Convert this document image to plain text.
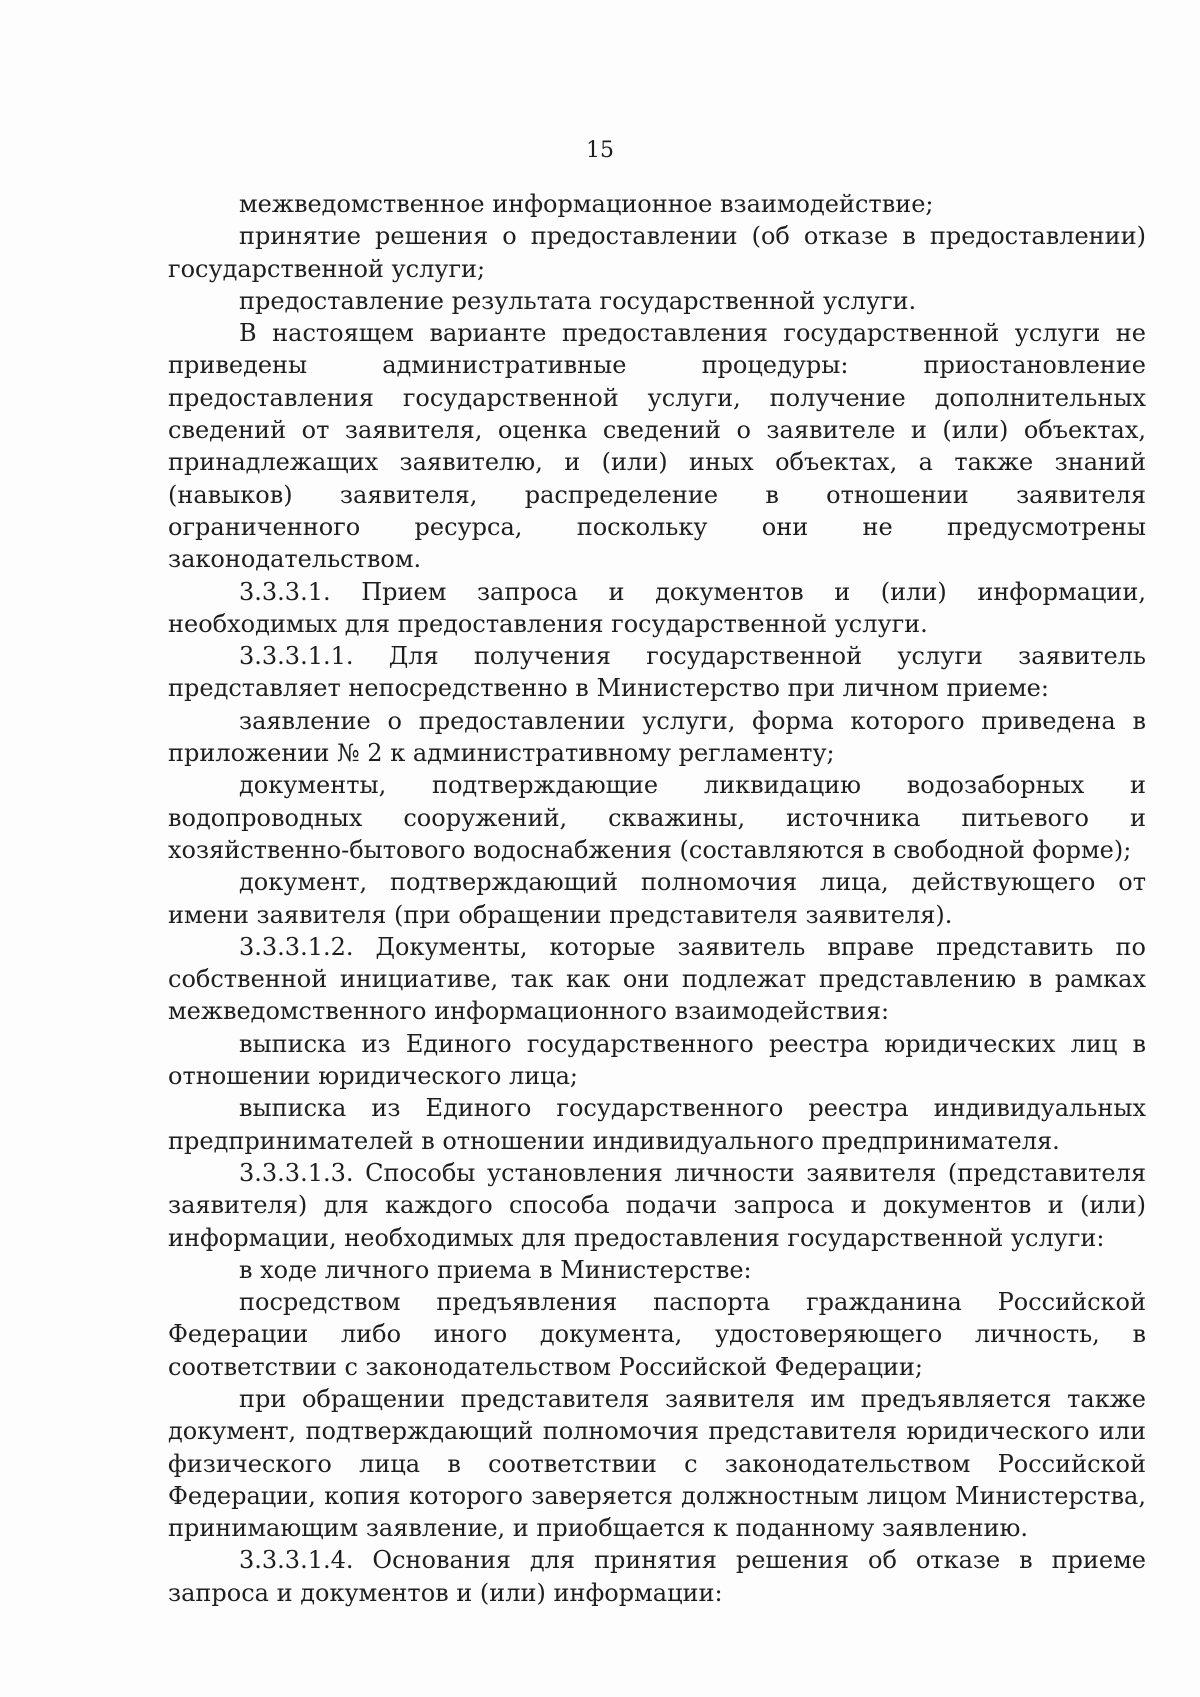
15

межведомственное информационное взаимодействие;

принятие решения о предоставлении (об отказе в предоставлении) государственной услуги;

предоставление результата государственной услуги.

В настоящем варианте предоставления государственной услуги не приведены административные процедуры: приостановление предоставления государственной услуги, получение дополнительных сведений от заявителя, оценка сведений о заявителе и (или) объектах, принадлежащих заявителю, и (или) иных объектах, а также знаний (навыков) заявителя, распределение в отношении заявителя ограниченного ресурса, поскольку они не предусмотрены законодательством.

3.3.3.1. Прием запроса и документов и (или) информации, необходимых для предоставления государственной услуги.

3.3.3.1.1. Для получения государственной услуги заявитель представляет непосредственно в Министерство при личном приеме:

заявление о предоставлении услуги, форма которого приведена в приложении № 2 к административному регламенту;

документы, подтверждающие ликвидацию водозаборных и водопроводных сооружений, скважины, источника питьевого и хозяйственно-бытового водоснабжения (составляются в свободной форме);

документ, подтверждающий полномочия лица, действующего от имени заявителя (при обращении представителя заявителя).

3.3.3.1.2. Документы, которые заявитель вправе представить по собственной инициативе, так как они подлежат представлению в рамках межведомственного информационного взаимодействия:

выписка из Единого государственного реестра юридических лиц в отношении юридического лица;

выписка из Единого государственного реестра индивидуальных предпринимателей в отношении индивидуального предпринимателя.

3.3.3.1.3. Способы установления личности заявителя (представителя заявителя) для каждого способа подачи запроса и документов и (или) информации, необходимых для предоставления государственной услуги:

в ходе личного приема в Министерстве:

посредством предъявления паспорта гражданина Российской Федерации либо иного документа, удостоверяющего личность, в соответствии с законодательством Российской Федерации;

при обращении представителя заявителя им предъявляется также документ, подтверждающий полномочия представителя юридического или физического лица в соответствии с законодательством Российской Федерации, копия которого заверяется должностным лицом Министерства, принимающим заявление, и приобщается к поданному заявлению.

3.3.3.1.4. Основания для принятия решения об отказе в приеме запроса и документов и (или) информации:
